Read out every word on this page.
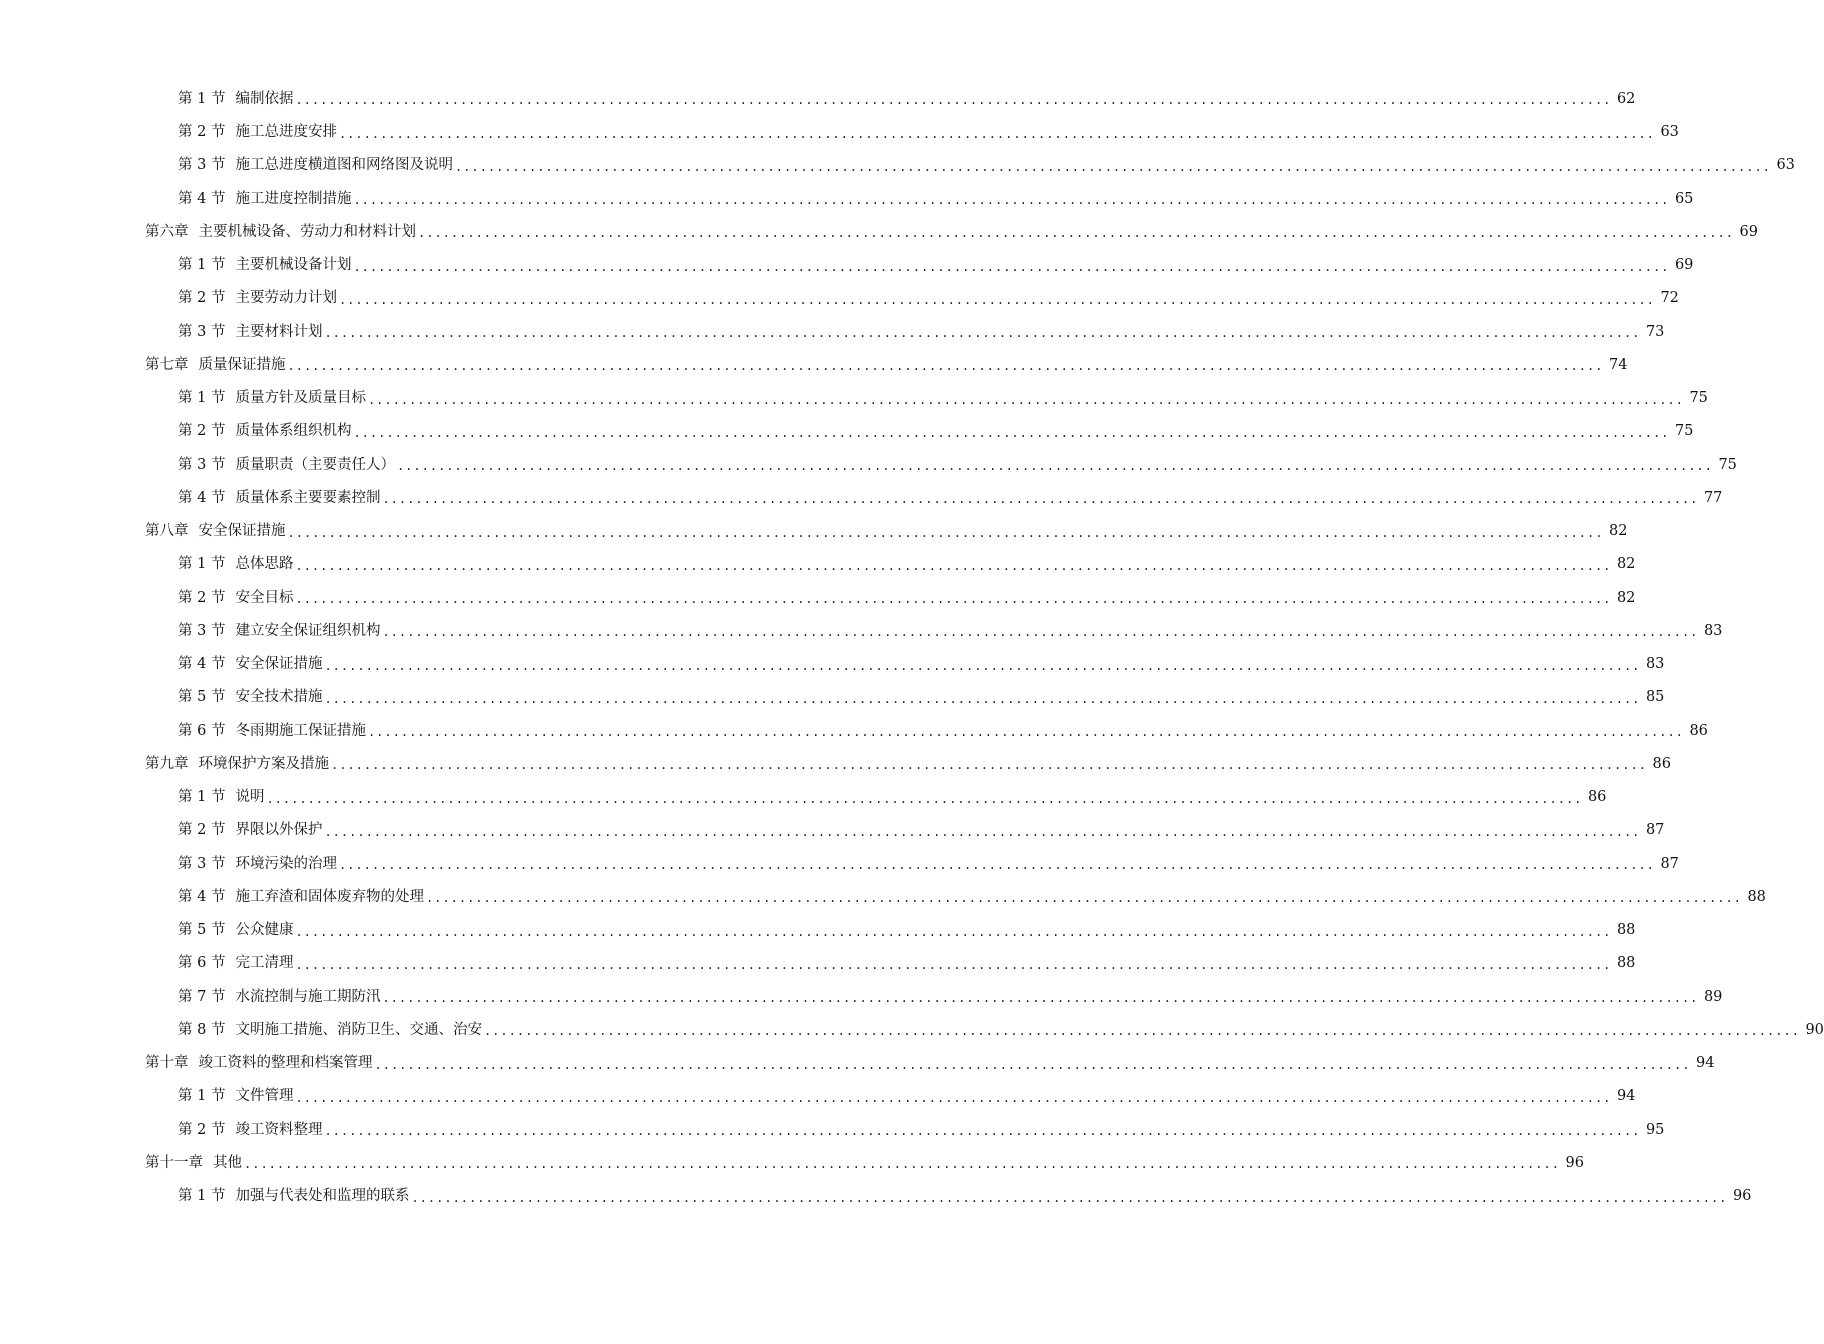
第 1 节 编制依据 ................................................................................................................................................................ 62
第 2 节 施工总进度安排 ................................................................................................................................................................ 63
第 3 节 施工总进度横道图和网络图及说明 ................................................................................................................................................................ 63
第 4 节 施工进度控制措施 ................................................................................................................................................................ 65
第六章 主要机械设备、劳动力和材料计划 ................................................................................................................................................................ 69
第 1 节 主要机械设备计划 ................................................................................................................................................................ 69
第 2 节 主要劳动力计划 ................................................................................................................................................................ 72
第 3 节 主要材料计划 ................................................................................................................................................................ 73
第七章 质量保证措施 ................................................................................................................................................................ 74
第 1 节 质量方针及质量目标 ................................................................................................................................................................ 75
第 2 节 质量体系组织机构 ................................................................................................................................................................ 75
第 3 节 质量职责（主要责任人） ................................................................................................................................................................ 75
第 4 节 质量体系主要要素控制 ................................................................................................................................................................ 77
第八章 安全保证措施 ................................................................................................................................................................ 82
第 1 节 总体思路 ................................................................................................................................................................ 82
第 2 节 安全目标 ................................................................................................................................................................ 82
第 3 节 建立安全保证组织机构 ................................................................................................................................................................ 83
第 4 节 安全保证措施 ................................................................................................................................................................ 83
第 5 节 安全技术措施 ................................................................................................................................................................ 85
第 6 节 冬雨期施工保证措施 ................................................................................................................................................................ 86
第九章 环境保护方案及措施 ................................................................................................................................................................ 86
第 1 节 说明 ................................................................................................................................................................ 86
第 2 节 界限以外保护 ................................................................................................................................................................ 87
第 3 节 环境污染的治理 ................................................................................................................................................................ 87
第 4 节 施工弃渣和固体废弃物的处理 ................................................................................................................................................................ 88
第 5 节 公众健康 ................................................................................................................................................................ 88
第 6 节 完工清理 ................................................................................................................................................................ 88
第 7 节 水流控制与施工期防汛 ................................................................................................................................................................ 89
第 8 节 文明施工措施、消防卫生、交通、治安 ................................................................................................................................................................ 90
第十章 竣工资料的整理和档案管理 ................................................................................................................................................................ 94
第 1 节 文件管理 ................................................................................................................................................................ 94
第 2 节 竣工资料整理 ................................................................................................................................................................ 95
第十一章 其他 ................................................................................................................................................................ 96
第 1 节 加强与代表处和监理的联系 ................................................................................................................................................................ 96
